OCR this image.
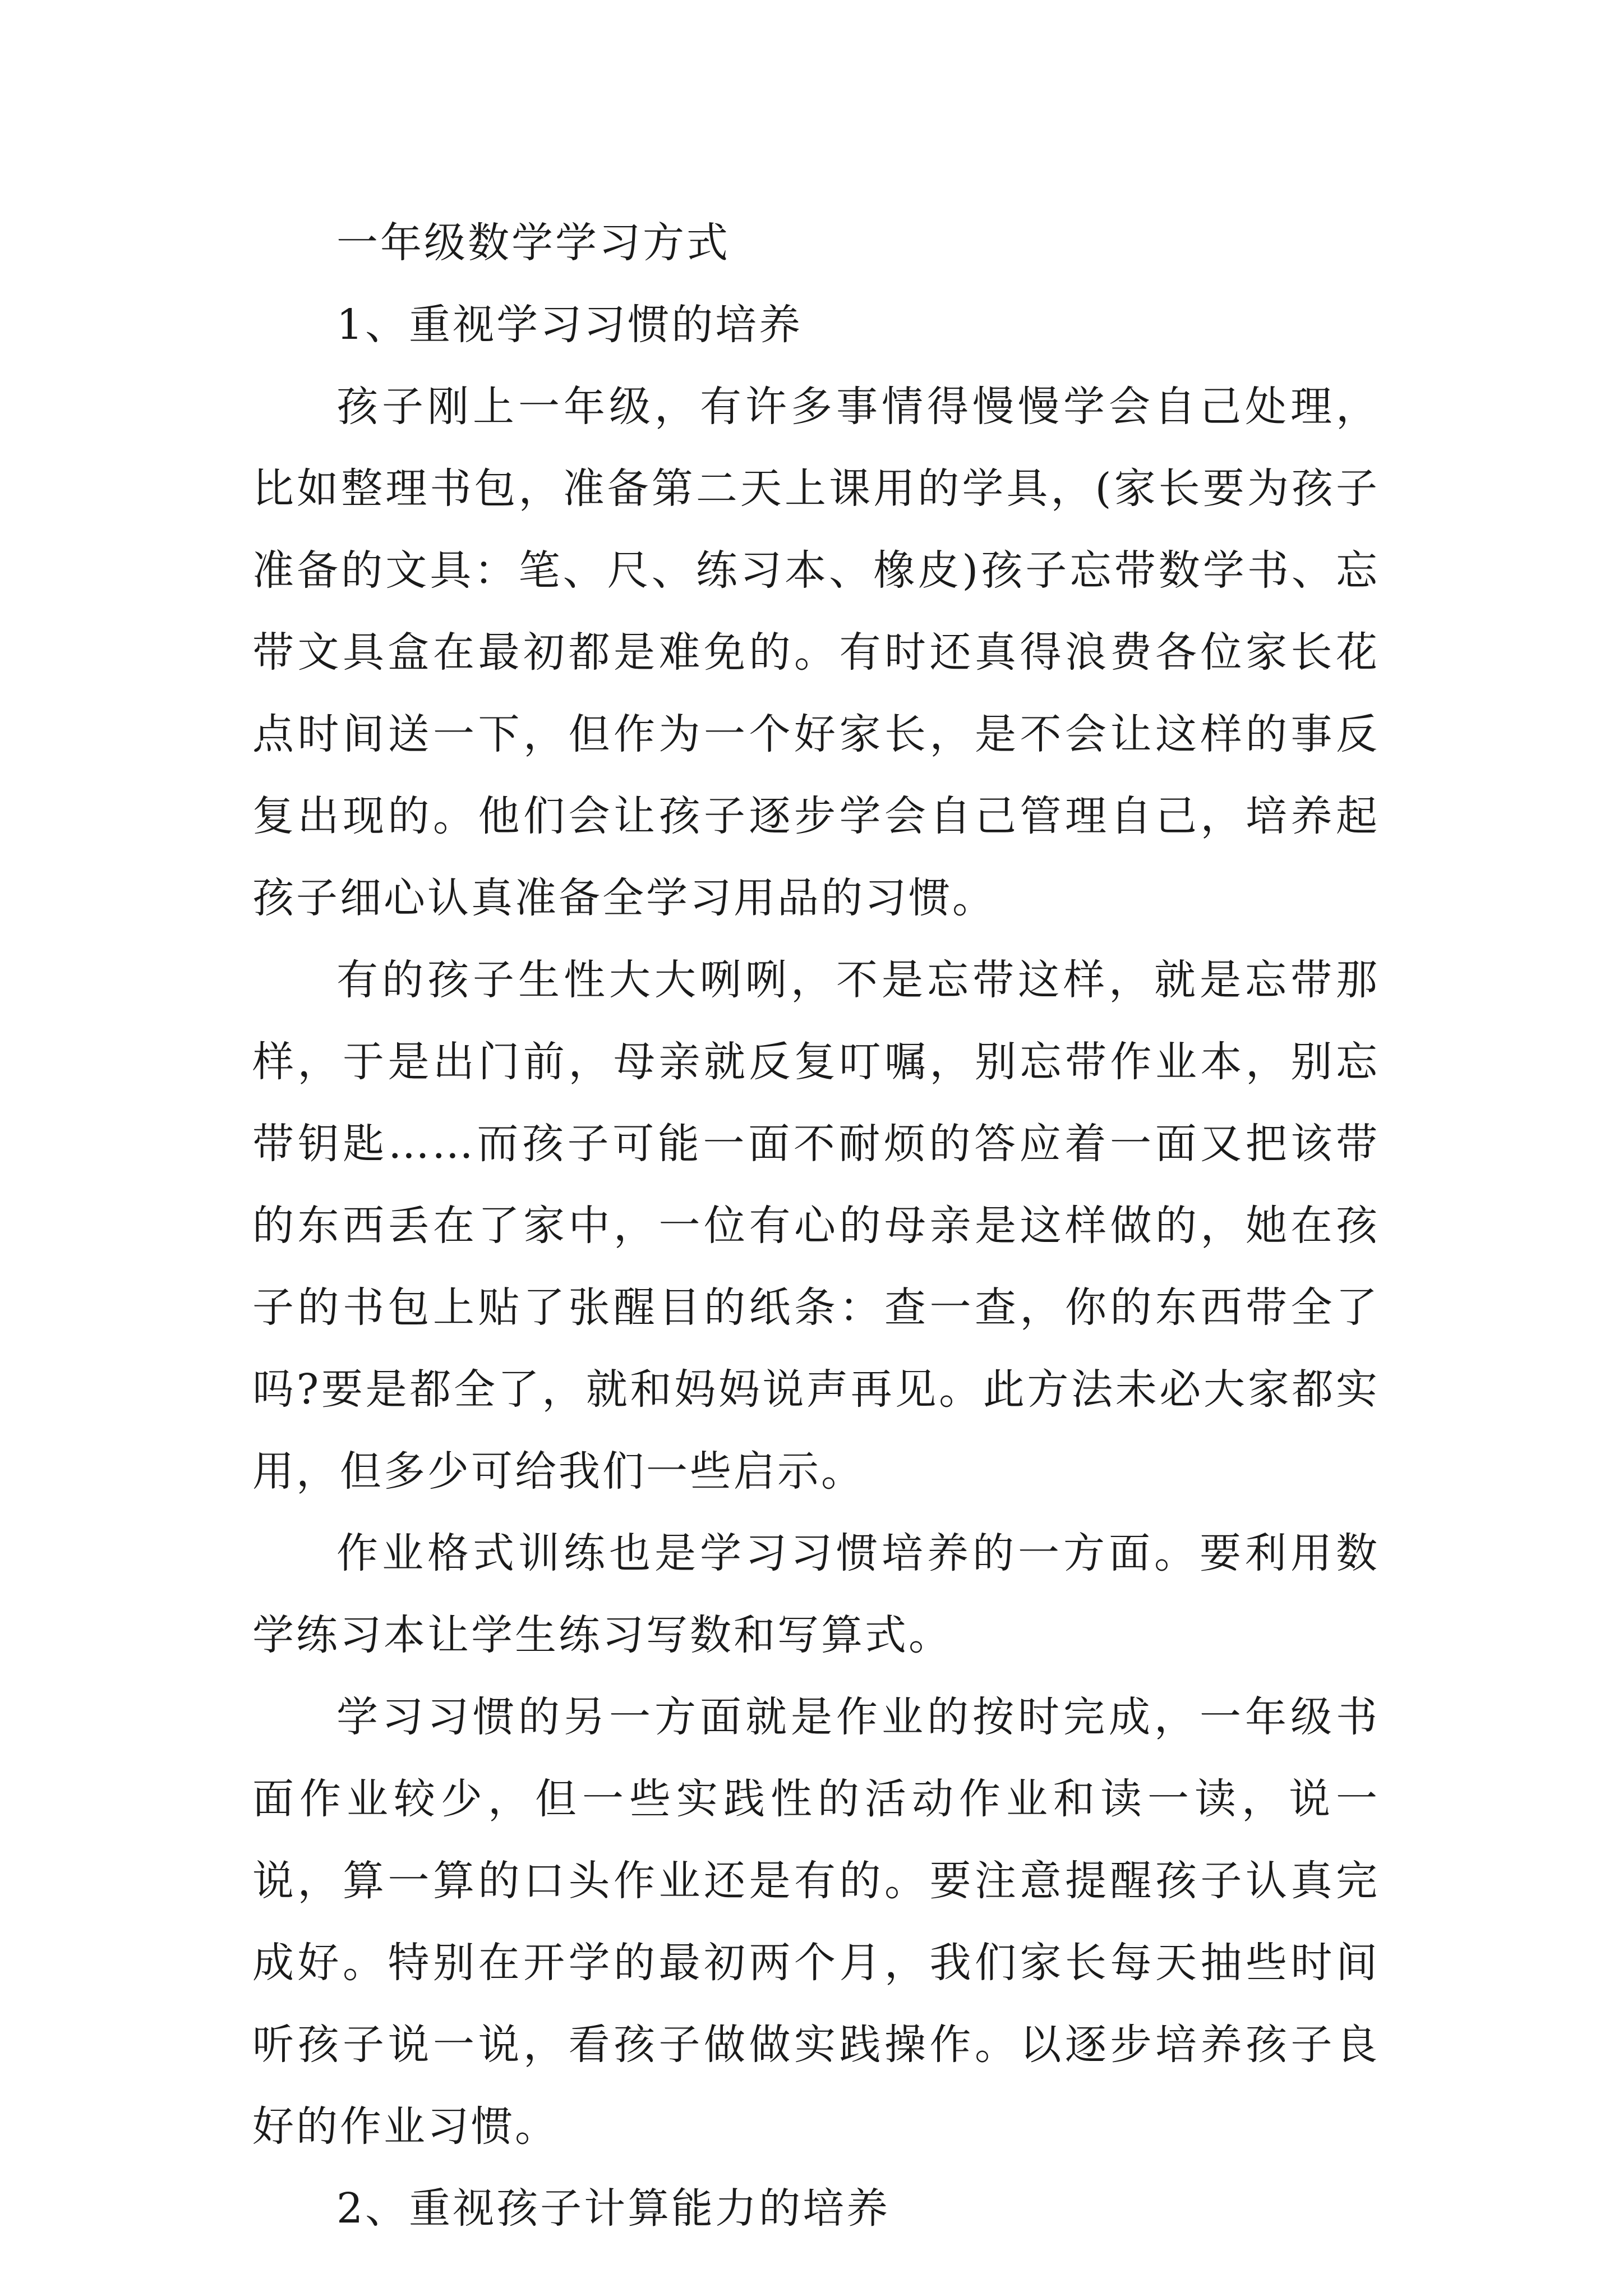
一年级数学学习方式

1、重视学习习惯的培养

孩子刚上一年级，有许多事情得慢慢学会自己处理，比如整理书包，准备第二天上课用的学具，(家长要为孩子准备的文具：笔、尺、练习本、橡皮)孩子忘带数学书、忘带文具盒在最初都是难免的。有时还真得浪费各位家长花点时间送一下，但作为一个好家长，是不会让这样的事反复出现的。他们会让孩子逐步学会自己管理自己，培养起孩子细心认真准备全学习用品的习惯。

有的孩子生性大大咧咧，不是忘带这样，就是忘带那样，于是出门前，母亲就反复叮嘱，别忘带作业本，别忘带钥匙……而孩子可能一面不耐烦的答应着一面又把该带的东西丢在了家中，一位有心的母亲是这样做的，她在孩子的书包上贴了张醒目的纸条：查一查，你的东西带全了吗?要是都全了，就和妈妈说声再见。此方法未必大家都实用，但多少可给我们一些启示。

作业格式训练也是学习习惯培养的一方面。要利用数学练习本让学生练习写数和写算式。

学习习惯的另一方面就是作业的按时完成，一年级书面作业较少，但一些实践性的活动作业和读一读，说一说，算一算的口头作业还是有的。要注意提醒孩子认真完成好。特别在开学的最初两个月，我们家长每天抽些时间听孩子说一说，看孩子做做实践操作。以逐步培养孩子良好的作业习惯。

2、重视孩子计算能力的培养
